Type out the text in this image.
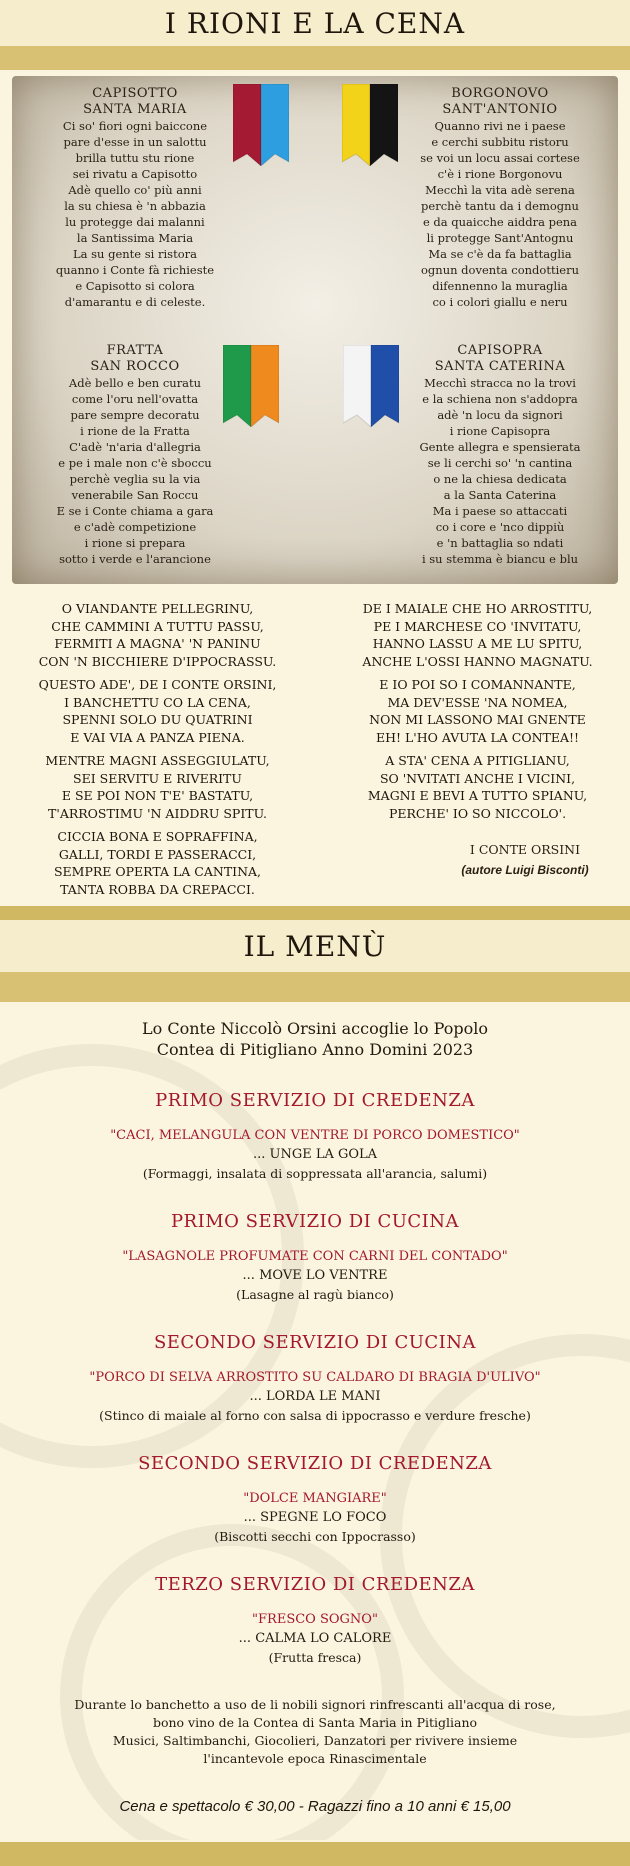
I RIONI E LA CENA
CAPISOTTO
SANTA MARIA
Ci so' fiori ogni baiccone
pare d'esse in un salottu
brilla tuttu stu rione
sei rivatu a Capisotto
Adè quello co' più anni
la su chiesa è 'n abbazia
lu protegge dai malanni
la Santissima Maria
La su gente si ristora
quanno i Conte fà richieste
e Capisotto si colora
d'amarantu e di celeste.
BORGONOVO
SANT'ANTONIO
Quanno rivi ne i paese
e cerchi subbitu ristoru
se voi un locu assai cortese
c'è i rione Borgonovu
Mecchì la vita adè serena
perchè tantu da i demognu
e da quaicche aiddra pena
li protegge Sant'Antognu
Ma se c'è da fa battaglia
ognun doventa condottieru
difennenno la muraglia
co i colori giallu e neru
FRATTA
SAN ROCCO
Adè bello e ben curatu
come l'oru nell'ovatta
pare sempre decoratu
i rione de la Fratta
C'adè 'n'aria d'allegria
e pe i male non c'è sboccu
perchè veglia su la via
venerabile San Roccu
E se i Conte chiama a gara
e c'adè competizione
i rione si prepara
sotto i verde e l'arancione
CAPISOPRA
SANTA CATERINA
Mecchì stracca no la trovi
e la schiena non s'addopra
adè 'n locu da signori
i rione Capisopra
Gente allegra e spensierata
se li cerchi so' 'n cantina
o ne la chiesa dedicata
a la Santa Caterina
Ma i paese so attaccati
co i core e 'nco dippiù
e 'n battaglia so ndati
i su stemma è biancu e blu
O VIANDANTE PELLEGRINU,
CHE CAMMINI A TUTTU PASSU,
FERMITI A MAGNA' 'N PANINU
CON 'N BICCHIERE D'IPPOCRASSU.
QUESTO ADE', DE I CONTE ORSINI,
I BANCHETTU CO LA CENA,
SPENNI SOLO DU QUATRINI
E VAI VIA A PANZA PIENA.
MENTRE MAGNI ASSEGGIULATU,
SEI SERVITU E RIVERITU
E SE POI NON T'E' BASTATU,
T'ARROSTIMU 'N AIDDRU SPITU.
CICCIA BONA E SOPRAFFINA,
GALLI, TORDI E PASSERACCI,
SEMPRE OPERTA LA CANTINA,
TANTA ROBBA DA CREPACCI.
DE I MAIALE CHE HO ARROSTITU,
PE I MARCHESE CO 'INVITATU,
HANNO LASSU A ME LU SPITU,
ANCHE L'OSSI HANNO MAGNATU.
E IO POI SO I COMANNANTE,
MA DEV'ESSE 'NA NOMEA,
NON MI LASSONO MAI GNENTE
EH! L'HO AVUTA LA CONTEA!!
A STA' CENA A PITIGLIANU,
SO 'NVITATI ANCHE I VICINI,
MAGNI E BEVI A TUTTO SPIANU,
PERCHE' IO SO NICCOLO'.
I CONTE ORSINI
(autore Luigi Bisconti)
IL MENÙ
Lo Conte Niccolò Orsini accoglie lo Popolo
Contea di Pitigliano Anno Domini 2023
PRIMO SERVIZIO DI CREDENZA
"CACI, MELANGULA CON VENTRE DI PORCO DOMESTICO"
... UNGE LA GOLA
(Formaggi, insalata di soppressata all'arancia, salumi)
PRIMO SERVIZIO DI CUCINA
"LASAGNOLE PROFUMATE CON CARNI DEL CONTADO"
... MOVE LO VENTRE
(Lasagne al ragù bianco)
SECONDO SERVIZIO DI CUCINA
"PORCO DI SELVA ARROSTITO SU CALDARO DI BRAGIA D'ULIVO"
... LORDA LE MANI
(Stinco di maiale al forno con salsa di ippocrasso e verdure fresche)
SECONDO SERVIZIO DI CREDENZA
"DOLCE MANGIARE"
... SPEGNE LO FOCO
(Biscotti secchi con Ippocrasso)
TERZO SERVIZIO DI CREDENZA
"FRESCO SOGNO"
... CALMA LO CALORE
(Frutta fresca)
Durante lo banchetto a uso de li nobili signori rinfrescanti all'acqua di rose,
bono vino de la Contea di Santa Maria in Pitigliano
Musici, Saltimbanchi, Giocolieri, Danzatori per rivivere insieme
l'incantevole epoca Rinascimentale
Cena e spettacolo € 30,00 - Ragazzi fino a 10 anni € 15,00
